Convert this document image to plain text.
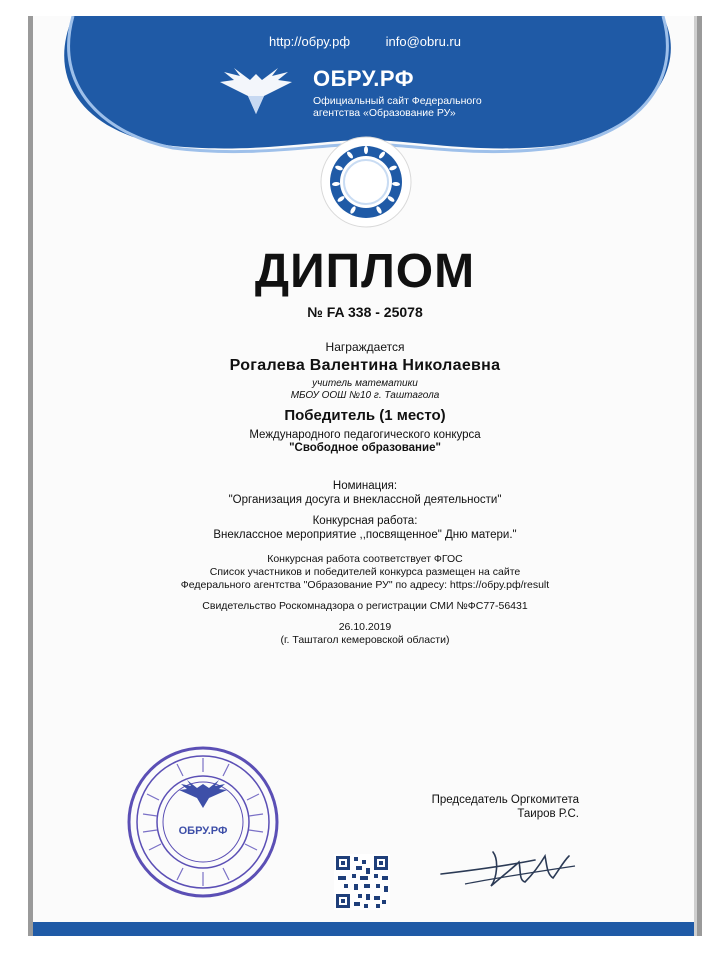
http://обру.рф	info@obru.ru
ОБРУ.РФ
Официальный сайт Федерального
агентства «Образование РУ»
ДИПЛОМ
№ FA 338 - 25078
Награждается
Рогалева Валентина Николаевна
учитель математики
МБОУ ООШ №10 г. Таштагола
Победитель (1 место)
Международного педагогического конкурса
"Свободное образование"
Номинация:
"Организация досуга и внеклассной деятельности"
Конкурсная работа:
Внеклассное мероприятие ,,посвященное" Дню матери."
Конкурсная работа соответствует ФГОС
Список участников и победителей конкурса размещен на сайте
Федерального агентства "Образование РУ" по адресу: https://обру.рф/result
Свидетельство Роскомнадзора о регистрации СМИ №ФС77-56431
26.10.2019
(г. Таштагол кемеровской области)
ОБРУ.РФ
Председатель Оргкомитета
Таиров Р.С.
